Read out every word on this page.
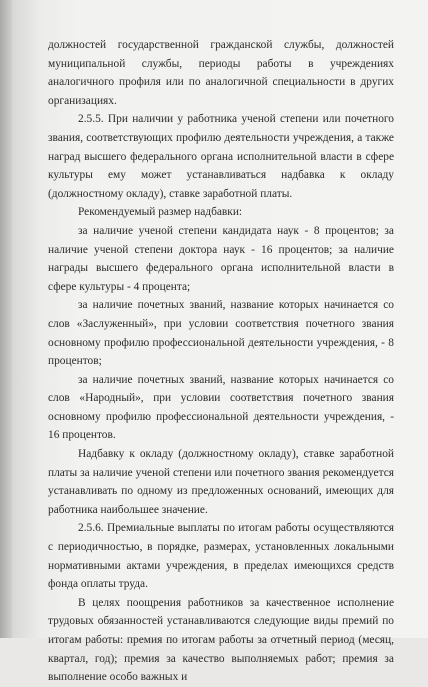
должностей государственной гражданской службы, должностей муниципальной службы, периоды работы в учреждениях аналогичного профиля или по аналогичной специальности в других организациях.

2.5.5. При наличии у работника ученой степени или почетного звания, соответствующих профилю деятельности учреждения, а также наград высшего федерального органа исполнительной власти в сфере культуры ему может устанавливаться надбавка к окладу (должностному окладу), ставке заработной платы.

Рекомендуемый размер надбавки:

за наличие ученой степени кандидата наук - 8 процентов; за наличие ученой степени доктора наук - 16 процентов; за наличие награды высшего федерального органа исполнительной власти в сфере культуры - 4 процента;

за наличие почетных званий, название которых начинается со слов «Заслуженный», при условии соответствия почетного звания основному профилю профессиональной деятельности учреждения, - 8 процентов;

за наличие почетных званий, название которых начинается со слов «Народный», при условии соответствия почетного звания основному профилю профессиональной деятельности учреждения, - 16 процентов.

Надбавку к окладу (должностному окладу), ставке заработной платы за наличие ученой степени или почетного звания рекомендуется устанавливать по одному из предложенных оснований, имеющих для работника наибольшее значение.

2.5.6. Премиальные выплаты по итогам работы осуществляются с периодичностью, в порядке, размерах, установленных локальными нормативными актами учреждения, в пределах имеющихся средств фонда оплаты труда.

В целях поощрения работников за качественное исполнение трудовых обязанностей устанавливаются следующие виды премий по итогам работы: премия по итогам работы за отчетный период (месяц, квартал, год); премия за качество выполняемых работ; премия за выполнение особо важных и
